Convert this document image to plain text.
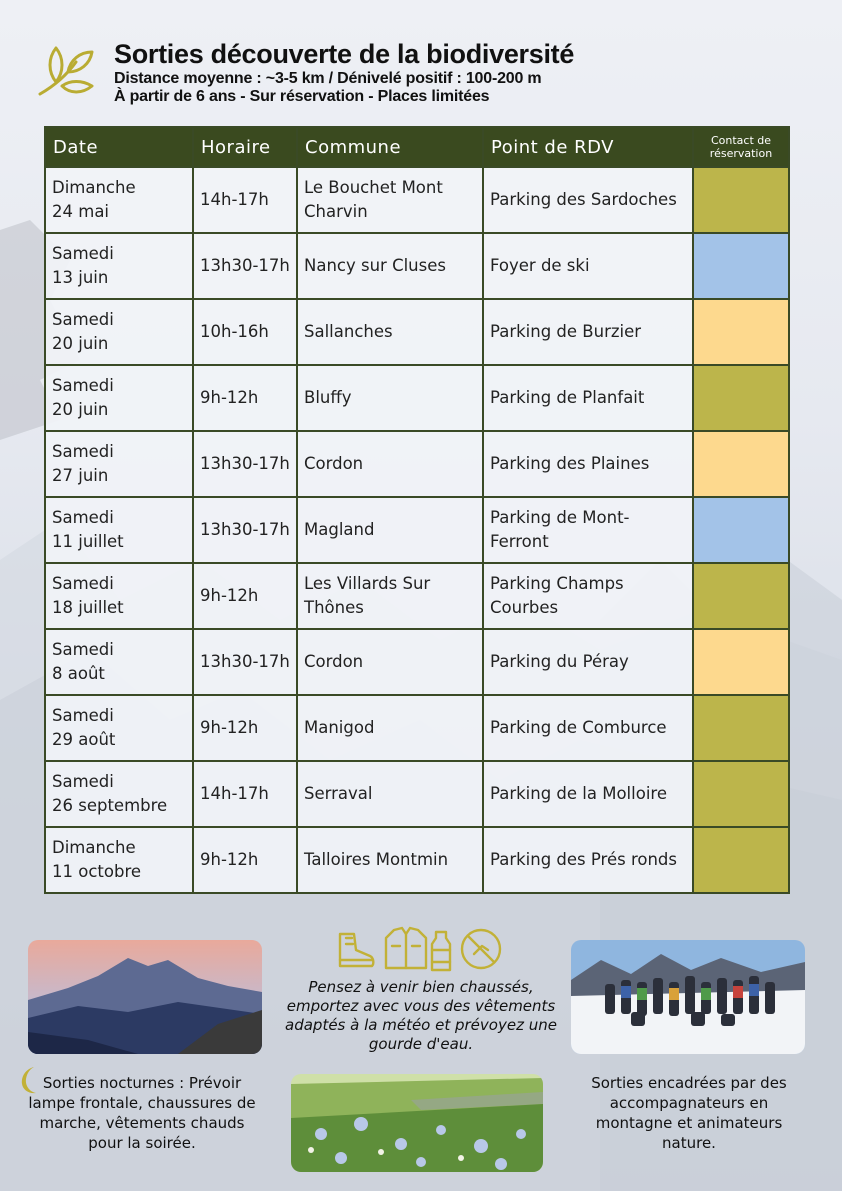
Sorties découverte de la biodiversité
Distance moyenne : ~3-5 km / Dénivelé positif : 100-200 m
À partir de 6 ans - Sur réservation - Places limitées
Date	Horaire	Commune	Point de RDV	Contact de réservation
Dimanche
24 mai	14h-17h	Le Bouchet Mont Charvin	Parking des Sardoches	
Samedi
13 juin	13h30-17h	Nancy sur Cluses	Foyer de ski	
Samedi
20 juin	10h-16h	Sallanches	Parking de Burzier	
Samedi
20 juin	9h-12h	Bluffy	Parking de Planfait	
Samedi
27 juin	13h30-17h	Cordon	Parking des Plaines	
Samedi
11 juillet	13h30-17h	Magland	Parking de Mont-Ferront	
Samedi
18 juillet	9h-12h	Les Villards Sur Thônes	Parking Champs Courbes	
Samedi
8 août	13h30-17h	Cordon	Parking du Péray	
Samedi
29 août	9h-12h	Manigod	Parking de Comburce	
Samedi
26 septembre	14h-17h	Serraval	Parking de la Molloire	
Dimanche
11 octobre	9h-12h	Talloires Montmin	Parking des Prés ronds	
Pensez à venir bien chaussés, emportez avec vous des vêtements adaptés à la météo et prévoyez une gourde d'eau.
Sorties nocturnes : Prévoir lampe frontale, chaussures de marche, vêtements chauds pour la soirée.
Sorties encadrées par des accompagnateurs en montagne et animateurs nature.
